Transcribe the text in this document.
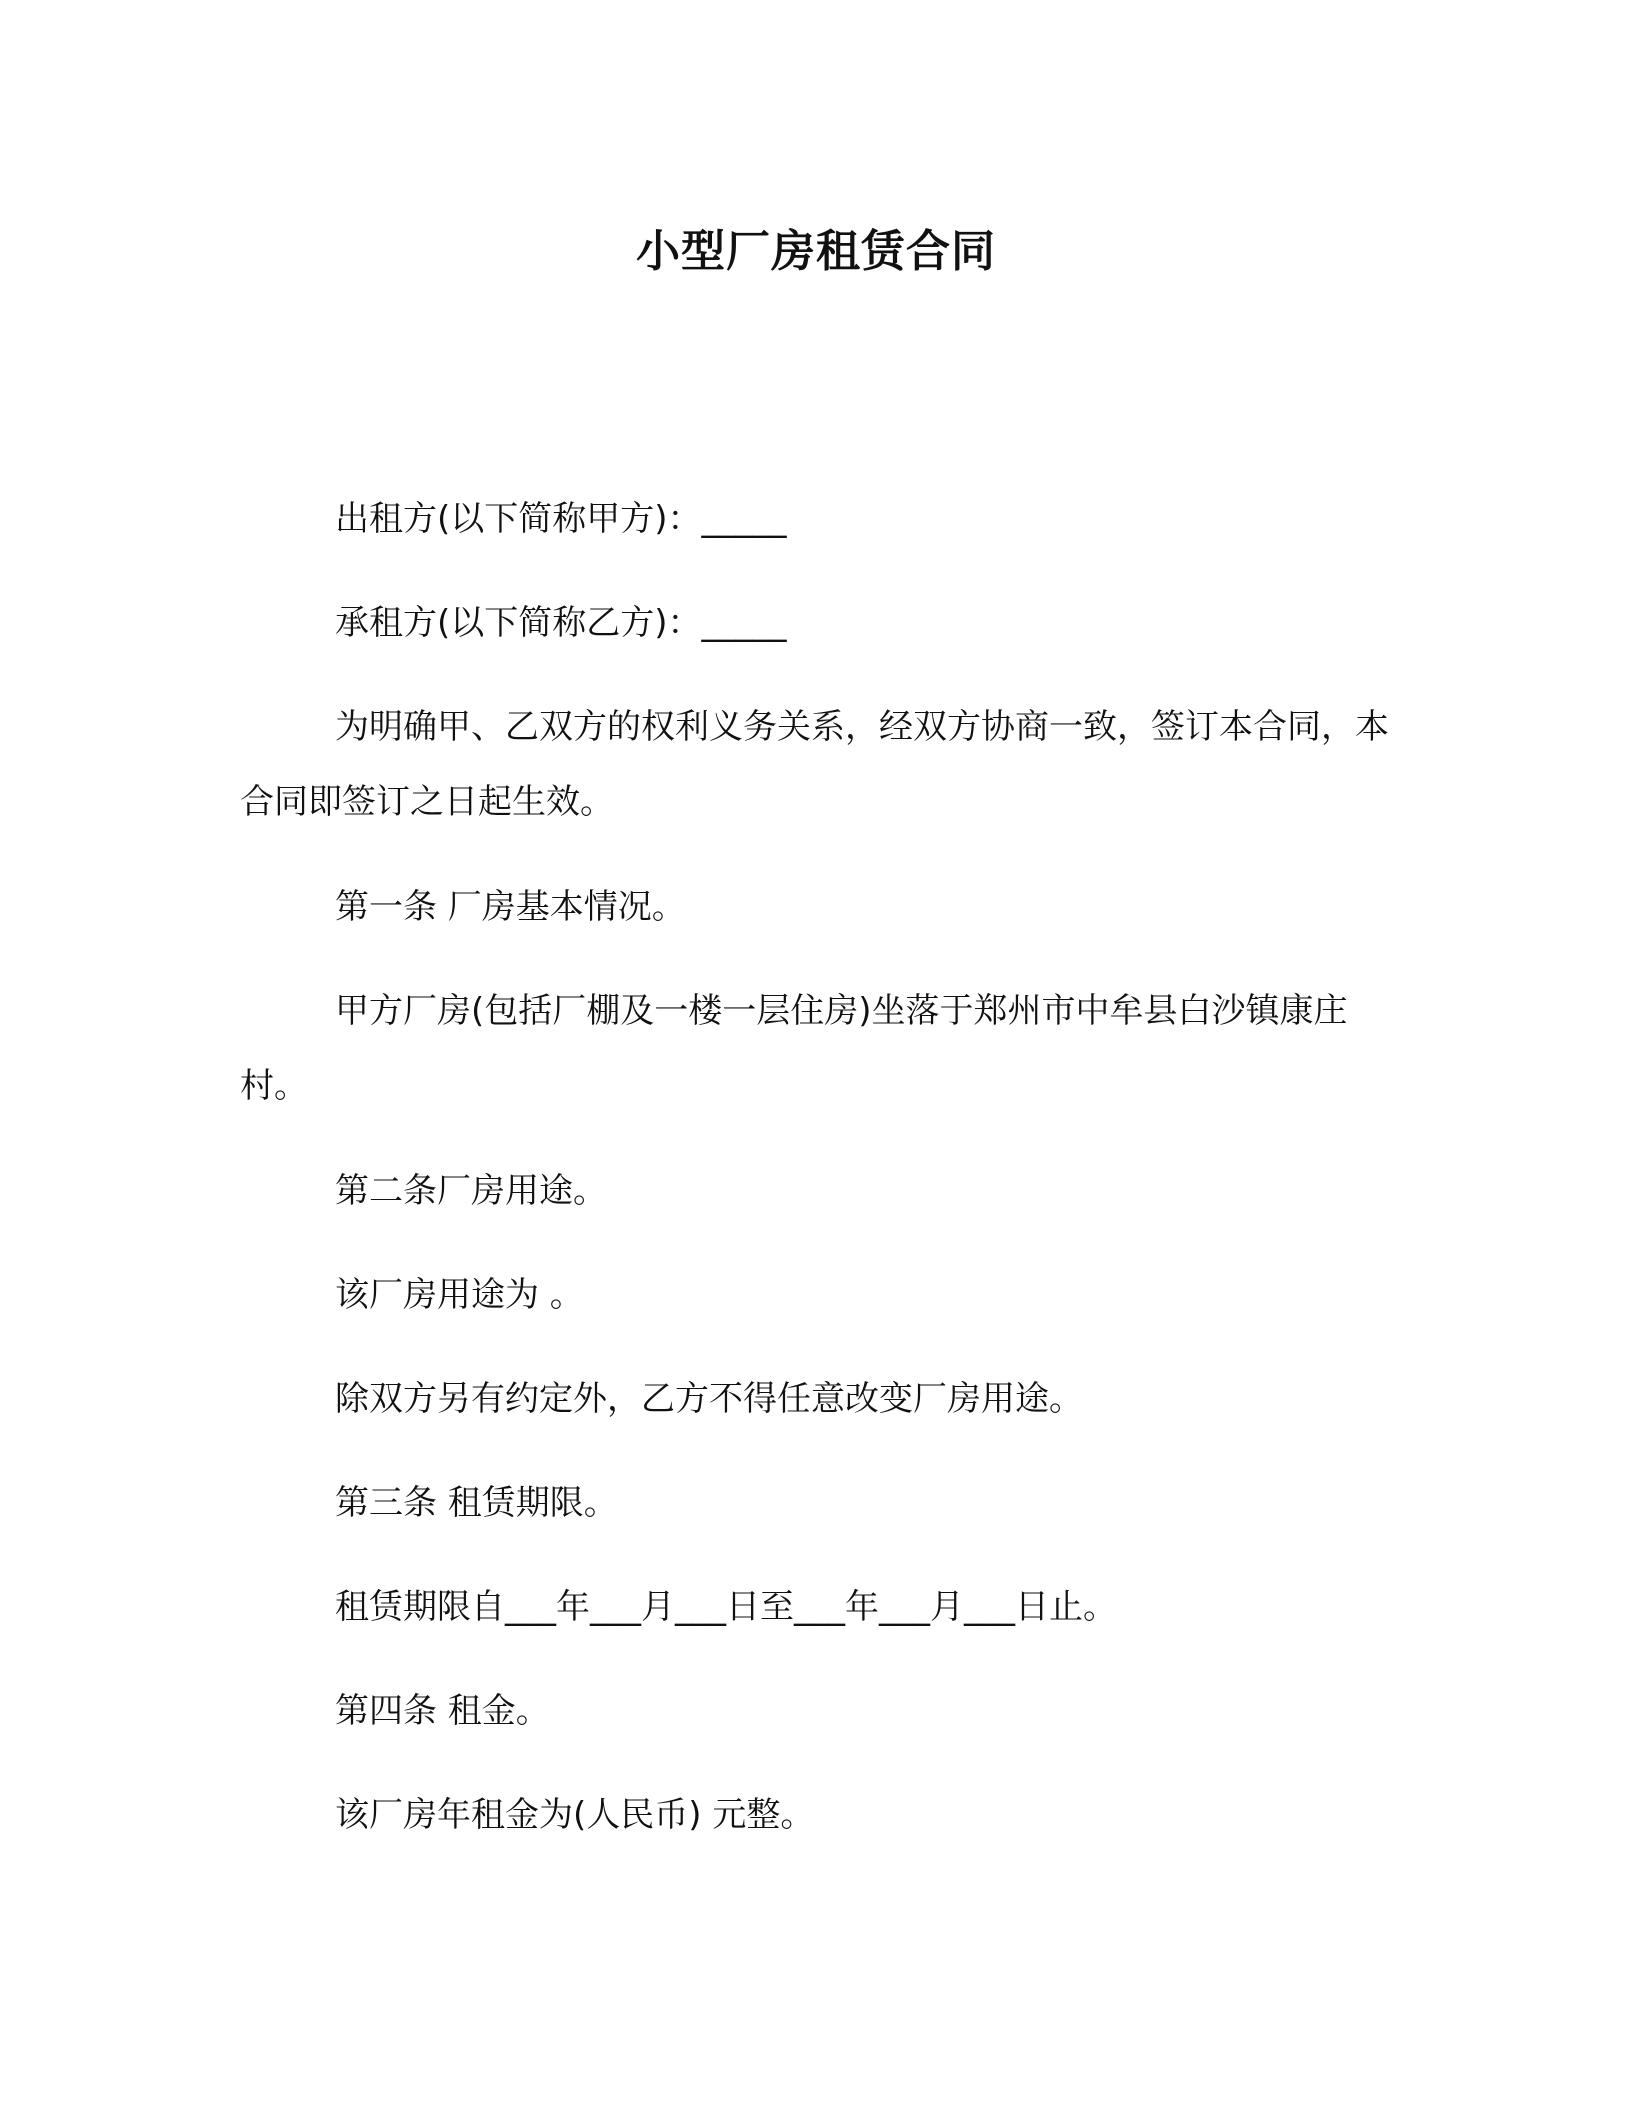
小型厂房租赁合同
出租方(以下简称甲方)：_____
承租方(以下简称乙方)：_____
为明确甲、乙双方的权利义务关系，经双方协商一致，签订本合同，本合同即签订之日起生效。
第一条 厂房基本情况。
甲方厂房(包括厂棚及一楼一层住房)坐落于郑州市中牟县白沙镇康庄村。
第二条厂房用途。
该厂房用途为 。
除双方另有约定外，乙方不得任意改变厂房用途。
第三条 租赁期限。
租赁期限自___年___月___日至___年___月___日止。
第四条 租金。
该厂房年租金为(人民币) 元整。
